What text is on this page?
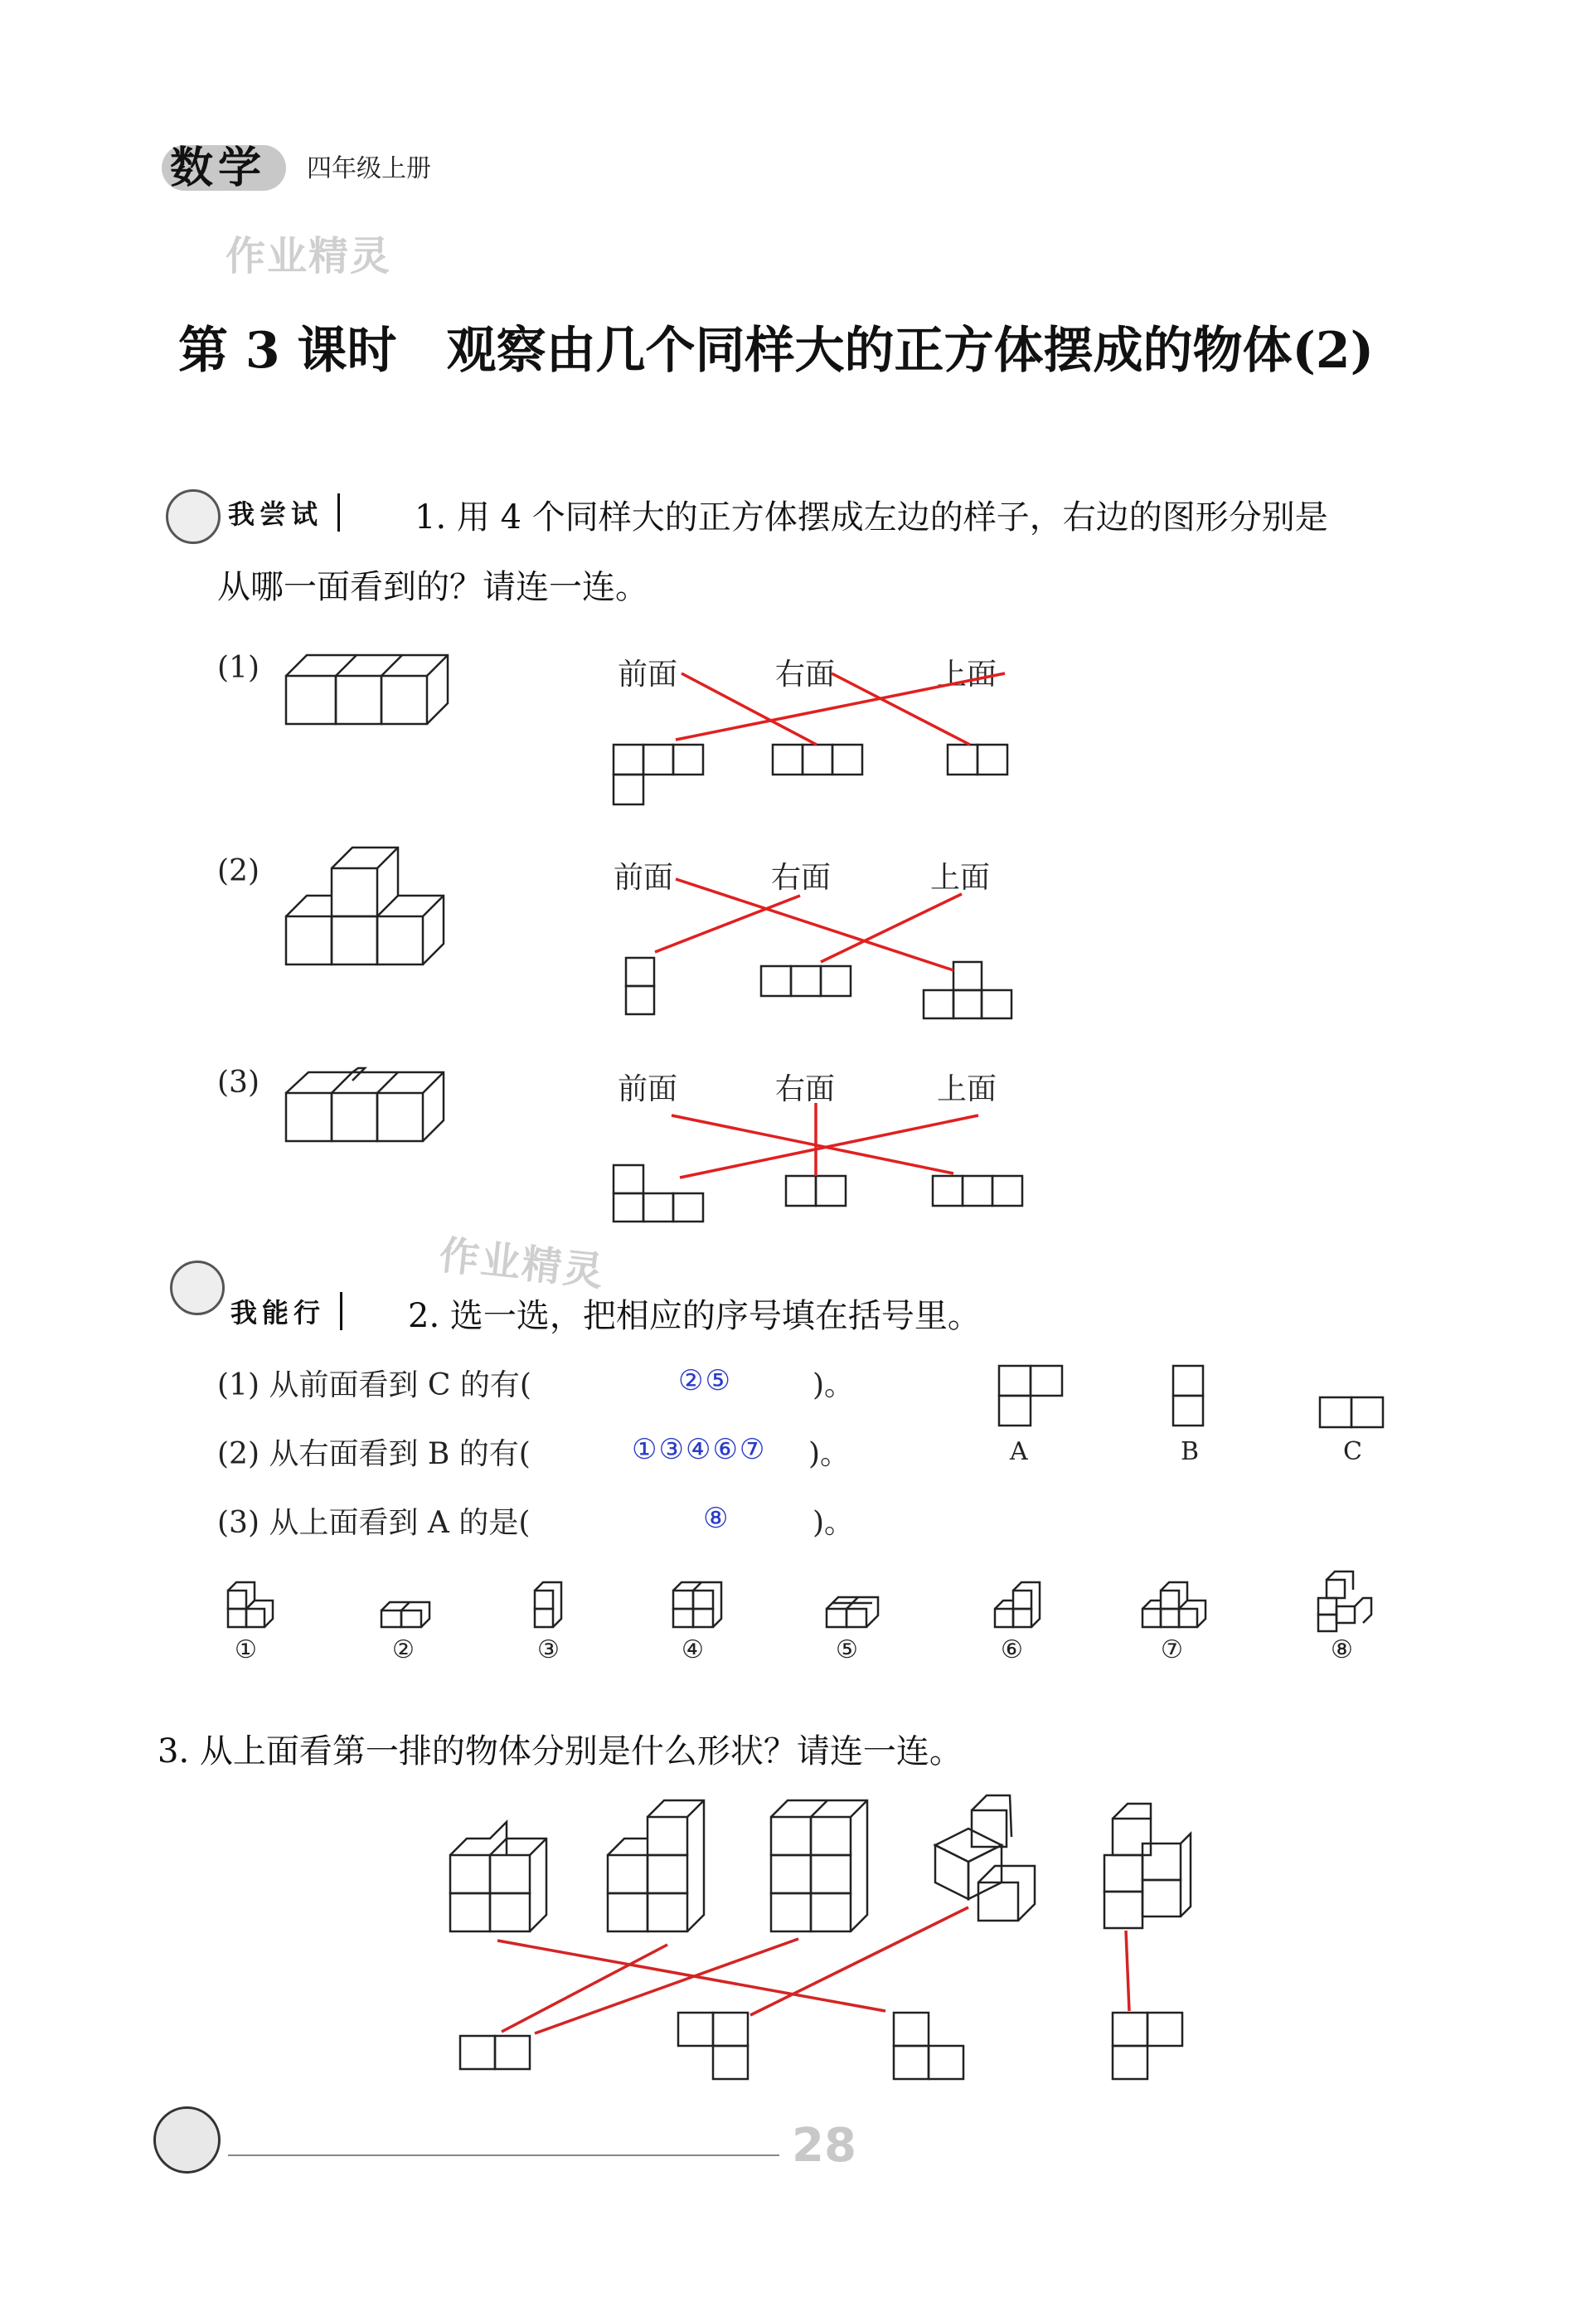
数学 四年级上册
作业精灵
作业精灵
第 3 课时　观察由几个同样大的正方体摆成的物体(2)
我尝试	1. 用 4 个同样大的正方体摆成左边的样子，右边的图形分别是
从哪一面看到的？请连一连。
(1)	前面	右面	上面
(2)	前面	右面	上面
(3)	前面	右面	上面
我能行	2. 选一选，把相应的序号填在括号里。
(1) 从前面看到 C 的有(	②⑤	)。
(2) 从右面看到 B 的有(	①③④⑥⑦ )。
(3) 从上面看到 A 的是(	⑧	)。
A	B	C
①	②	③	④	⑤	⑥	⑦	⑧
3. 从上面看第一排的物体分别是什么形状？请连一连。
28
